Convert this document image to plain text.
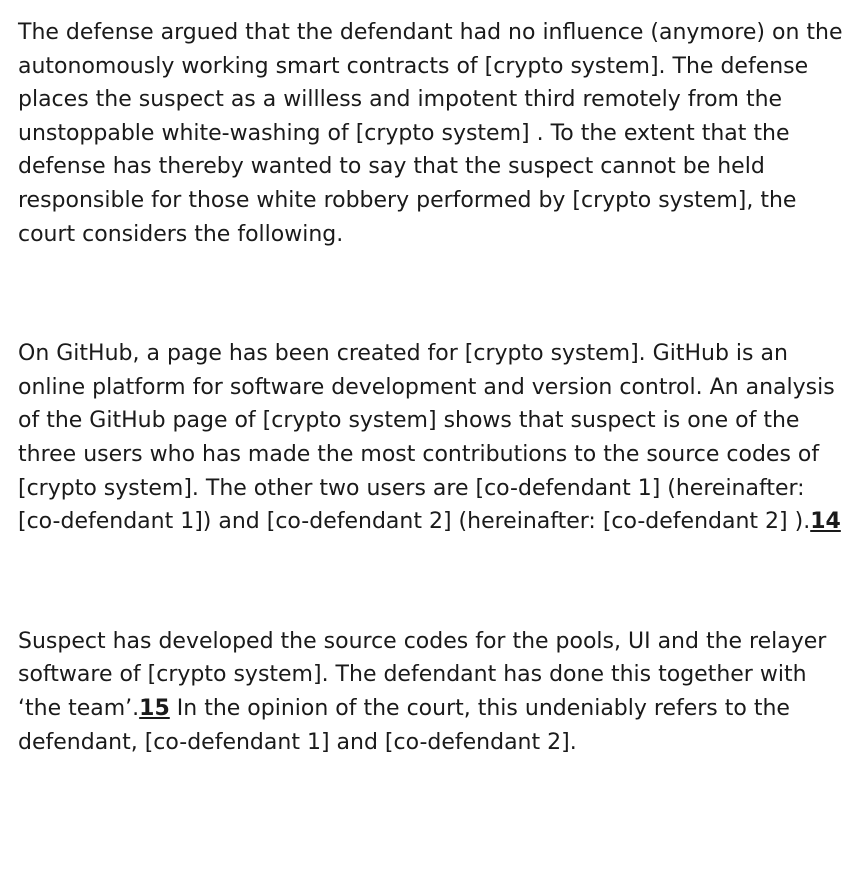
The defense argued that the defendant had no influence (anymore) on the autonomously working smart contracts of [crypto system]. The defense places the suspect as a willless and impotent third remotely from the unstoppable white-washing of [crypto system] . To the extent that the defense has thereby wanted to say that the suspect cannot be held responsible for those white robbery performed by [crypto system], the court considers the following.

On GitHub, a page has been created for [crypto system]. GitHub is an online platform for software development and version control. An analysis of the GitHub page of [crypto system] shows that suspect is one of the three users who has made the most contributions to the source codes of [crypto system]. The other two users are [co-defendant 1] (hereinafter: [co-defendant 1]) and [co-defendant 2] (hereinafter: [co-defendant 2] ).14

Suspect has developed the source codes for the pools, UI and the relayer software of [crypto system]. The defendant has done this together with ‘the team’.15 In the opinion of the court, this undeniably refers to the defendant, [co-defendant 1] and [co-defendant 2].
